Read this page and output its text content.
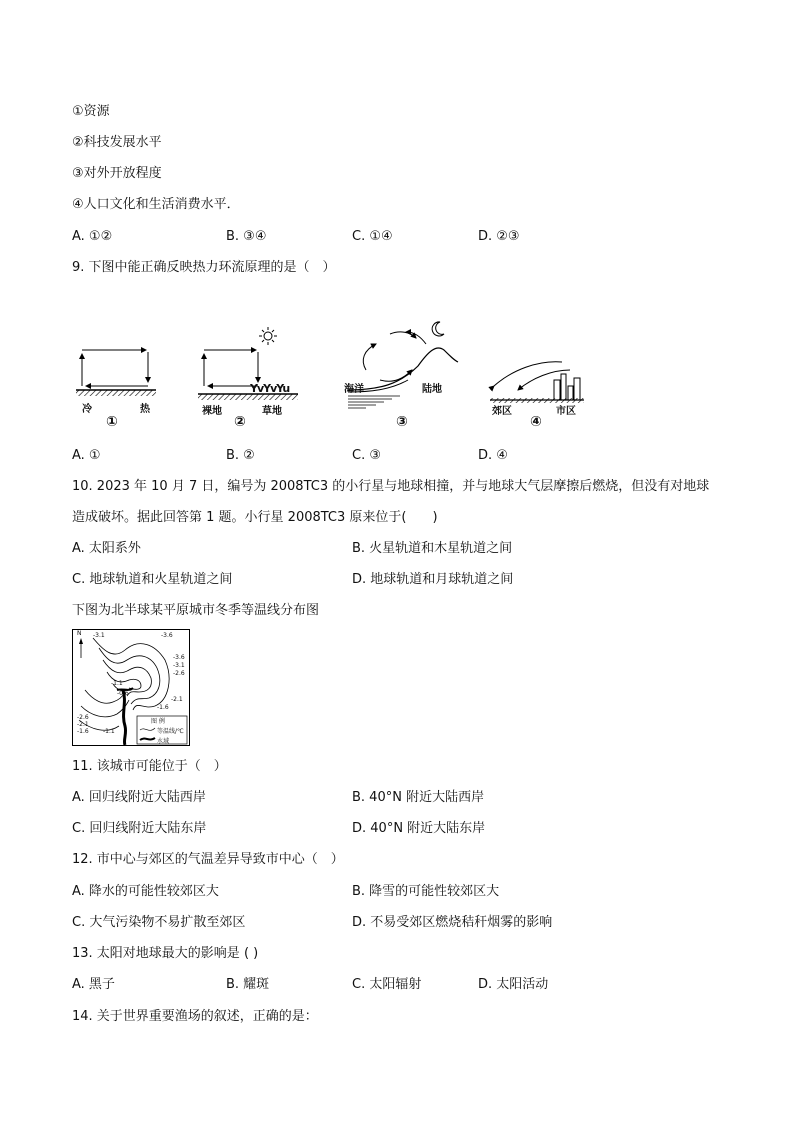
①资源
②科技发展水平
③对外开放程度
④人口文化和生活消费水平．
A. ①②	B. ③④	C. ①④	D. ②③
9. 下图中能正确反映热力环流原理的是（　）
冷	热
①
YvYvYu
裸地	草地
②
海洋	陆地
③
郊区	市区
④
A. ①	B. ②	C. ③	D. ④
10. 2023 年 10 月 7 日，编号为 2008TC3 的小行星与地球相撞，并与地球大气层摩擦后燃烧，但没有对地球
造成破坏。据此回答第 1 题。小行星 2008TC3 原来位于(　　)
A. 太阳系外	B. 火星轨道和木星轨道之间
C. 地球轨道和火星轨道之间	D. 地球轨道和月球轨道之间
下图为北半球某平原城市冬季等温线分布图
N -3.1	-3.6
-3.6
-3.1
-2.6
-2.1
-1.6
-1.1
-2.6
-2.1
-1.6 -1.1
-0.6
图 例
等温线/℃
水域
11. 该城市可能位于（　）
A. 回归线附近大陆西岸	B. 40°N 附近大陆西岸
C. 回归线附近大陆东岸	D. 40°N 附近大陆东岸
12. 市中心与郊区的气温差异导致市中心（　）
A. 降水的可能性较郊区大	B. 降雪的可能性较郊区大
C. 大气污染物不易扩散至郊区	D. 不易受郊区燃烧秸秆烟雾的影响
13. 太阳对地球最大的影响是 ( )
A. 黑子	B. 耀斑	C. 太阳辐射	D. 太阳活动
14. 关于世界重要渔场的叙述，正确的是：
